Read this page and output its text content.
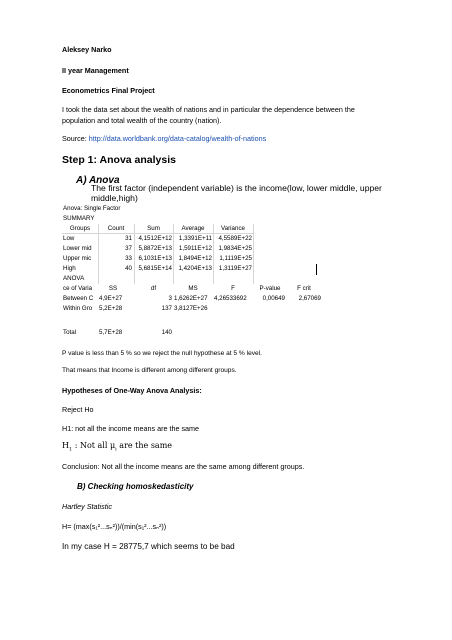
Aleksey Narko
II year Management
Econometrics Final Project
I took the data set about the wealth of nations and in particular the dependence between the
population and total wealth of the country (nation).
Source: http://data.worldbank.org/data-catalog/wealth-of-nations
Step 1: Anova analysis
A) Anova
The first factor (independent variable) is the income(low, lower middle, upper middle,high)
Anova: Single Factor
SUMMARY
Groups	Count	Sum	Average	Variance
Low	31	4,1512E+12	1,3391E+11	4,5589E+22
Lower mid	37	5,8872E+13	1,5911E+12	1,9834E+25
Upper mic	33	6,1031E+13	1,8494E+12	1,1119E+25
High	40	5,6815E+14	1,4204E+13	1,3119E+27
ANOVA
ce of Varia	SS	df	MS	F	P-value	F crit
Between C 4,9E+27	3 1,6262E+27	4,26533692	0,00649	2,67069
Within Gro	5,2E+28	137 3,8127E+26
Total	5,7E+28	140
P value is less than 5 % so we reject the null hypothese at 5 % level.
That means that Income is different among different groups.
Hypotheses of One-Way Anova Analysis:
Reject Ho
H1: not all the income means are the same
$H_1$ : Not all $\mu_i$ are the same
Conclusion: Not all the income means are the same among different groups.
B) Checking homoskedasticity
Hartley Statistic
H= (max(s₁²...sₙ²))/(min(s₁²...sₙ²))
In my case H = 28775,7 which seems to be bad
